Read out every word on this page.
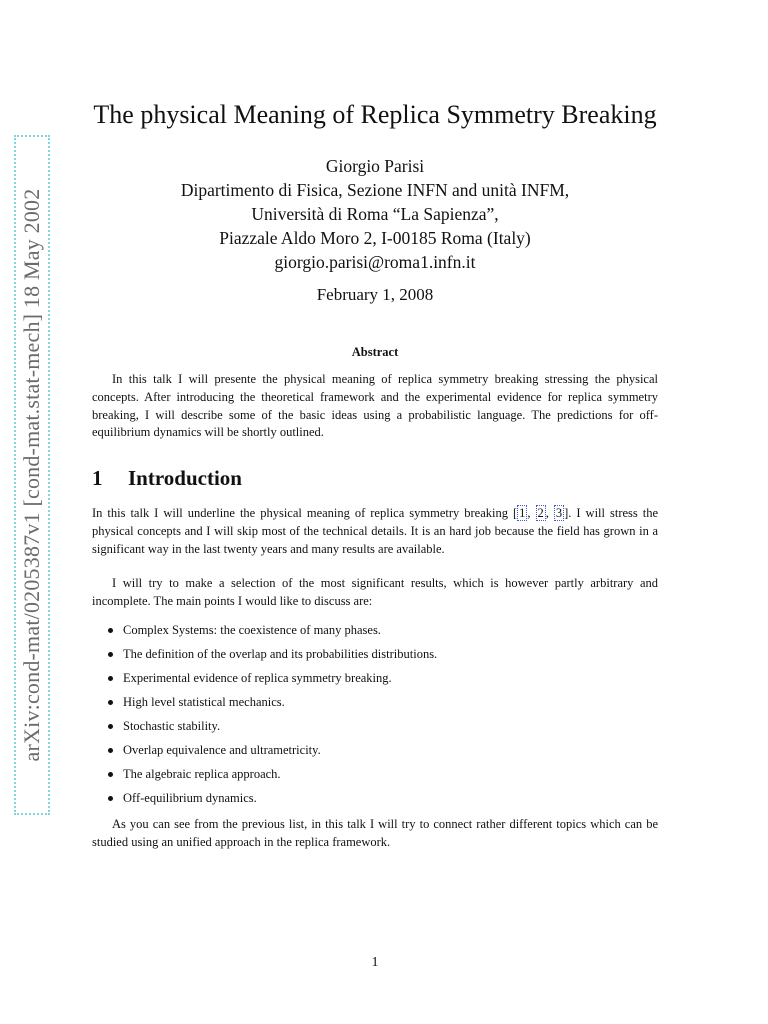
arXiv:cond-mat/0205387v1 [cond-mat.stat-mech] 18 May 2002
The physical Meaning of Replica Symmetry Breaking
Giorgio Parisi
Dipartimento di Fisica, Sezione INFN and unità INFM,
Università di Roma “La Sapienza”,
Piazzale Aldo Moro 2, I-00185 Roma (Italy)
giorgio.parisi@roma1.infn.it
February 1, 2008
Abstract

In this talk I will presente the physical meaning of replica symmetry breaking stressing the physical concepts. After introducing the theoretical framework and the experimental evidence for replica symmetry breaking, I will describe some of the basic ideas using a probabilistic language. The predictions for off-equilibrium dynamics will be shortly outlined.

1 Introduction

In this talk I will underline the physical meaning of replica symmetry breaking [ 1 , 2 , 3 ]. I will stress the physical concepts and I will skip most of the technical details. It is an hard job because the field has grown in a significant way in the last twenty years and many results are available.

I will try to make a selection of the most significant results, which is however partly arbitrary and incomplete. The main points I would like to discuss are:

Complex Systems: the coexistence of many phases.
The definition of the overlap and its probabilities distributions.
Experimental evidence of replica symmetry breaking.
High level statistical mechanics.
Stochastic stability.
Overlap equivalence and ultrametricity.
The algebraic replica approach.
Off-equilibrium dynamics.

As you can see from the previous list, in this talk I will try to connect rather different topics which can be studied using an unified approach in the replica framework.

1
